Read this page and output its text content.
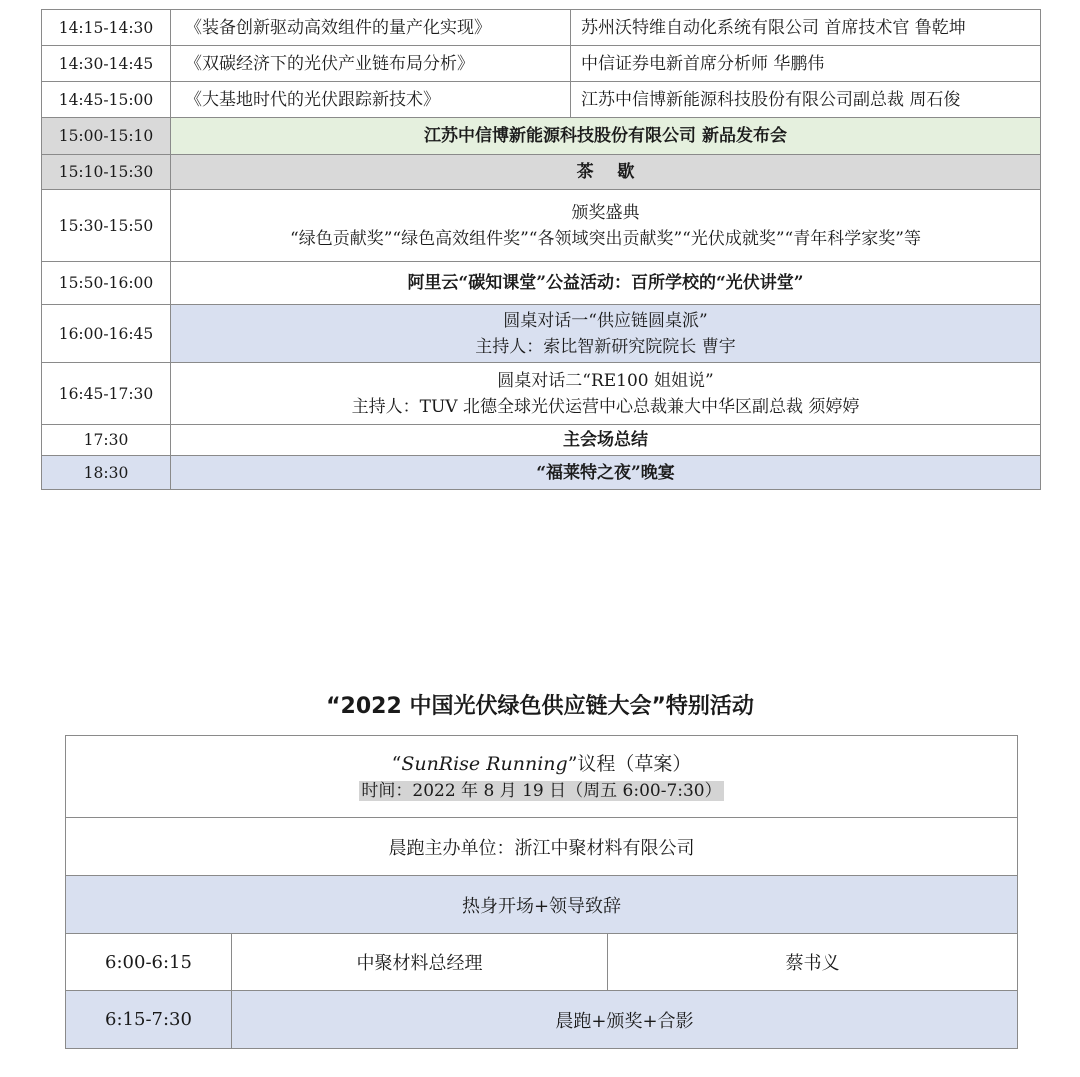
14:15-14:30	《装备创新驱动高效组件的量产化实现》	苏州沃特维自动化系统有限公司 首席技术官 鲁乾坤
14:30-14:45	《双碳经济下的光伏产业链布局分析》	中信证券电新首席分析师 华鹏伟
14:45-15:00	《大基地时代的光伏跟踪新技术》	江苏中信博新能源科技股份有限公司副总裁 周石俊
15:00-15:10	江苏中信博新能源科技股份有限公司 新品发布会	
15:10-15:30	茶    歇	
15:30-15:50	颁奖盛典
“绿色贡献奖”“绿色高效组件奖”“各领域突出贡献奖”“光伏成就奖”“青年科学家奖”等	

15:50-16:00	阿里云“碳知课堂”公益活动：百所学校的“光伏讲堂”	
16:00-16:45	圆桌对话一“供应链圆桌派”
主持人：索比智新研究院院长 曹宇	

16:45-17:30	圆桌对话二“RE100 姐姐说”
主持人：TUV 北德全球光伏运营中心总裁兼大中华区副总裁 须婷婷	

17:30	主会场总结	
18:30	“福莱特之夜”晚宴	
“2022 中国光伏绿色供应链大会”特别活动
“SunRise Running”议程（草案）
时间：2022 年 8 月 19 日（周五 6:00-7:30）		

晨跑主办单位：浙江中聚材料有限公司		
热身开场+领导致辞		
6:00-6:15	中聚材料总经理	蔡书义
6:15-7:30	晨跑+颁奖+合影	
